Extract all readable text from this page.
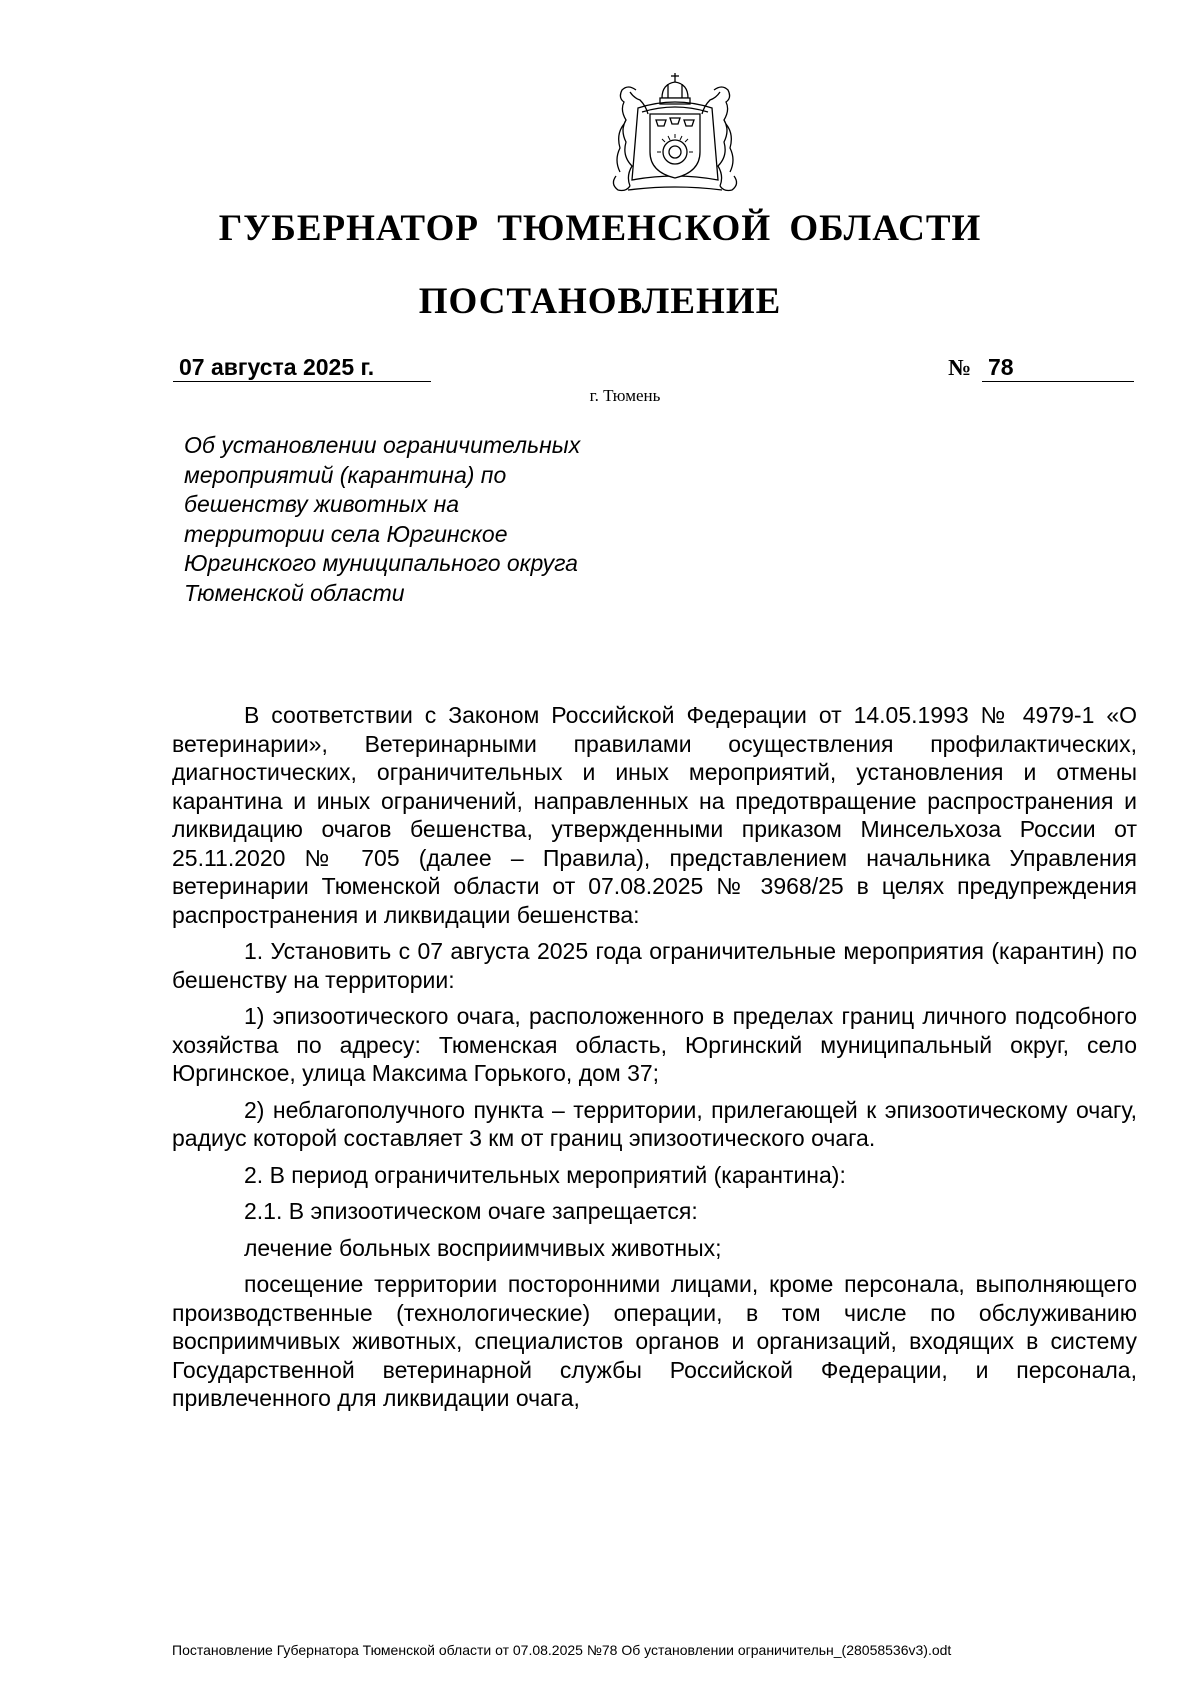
ГУБЕРНАТОР ТЮМЕНСКОЙ ОБЛАСТИ
ПОСТАНОВЛЕНИЕ
07 августа 2025 г.	№ 78
г. Тюмень
Об установлении ограничительных
мероприятий (карантина) по
бешенству животных на
территории села Юргинское
Юргинского муниципального округа
Тюменской области

В соответствии с Законом Российской Федерации от 14.05.1993 № 4979-1 «О ветеринарии», Ветеринарными правилами осуществления профилактических, диагностических, ограничительных и иных мероприятий, установления и отмены карантина и иных ограничений, направленных на предотвращение распространения и ликвидацию очагов бешенства, утвержденными приказом Минсельхоза России от 25.11.2020 № 705 (далее – Правила), представлением начальника Управления ветеринарии Тюменской области от 07.08.2025 № 3968/25 в целях предупреждения распространения и ликвидации бешенства:

1. Установить с 07 августа 2025 года ограничительные мероприятия (карантин) по бешенству на территории:

1) эпизоотического очага, расположенного в пределах границ личного подсобного хозяйства по адресу: Тюменская область, Юргинский муниципальный округ, село Юргинское, улица Максима Горького, дом 37;

2) неблагополучного пункта – территории, прилегающей к эпизоотическому очагу, радиус которой составляет 3 км от границ эпизоотического очага.

2. В период ограничительных мероприятий (карантина):

2.1. В эпизоотическом очаге запрещается:

лечение больных восприимчивых животных;

посещение территории посторонними лицами, кроме персонала, выполняющего производственные (технологические) операции, в том числе по обслуживанию восприимчивых животных, специалистов органов и организаций, входящих в систему Государственной ветеринарной службы Российской Федерации, и персонала, привлеченного для ликвидации очага,

Постановление Губернатора Тюменской области от 07.08.2025 №78 Об установлении ограничительн_(28058536v3).odt
